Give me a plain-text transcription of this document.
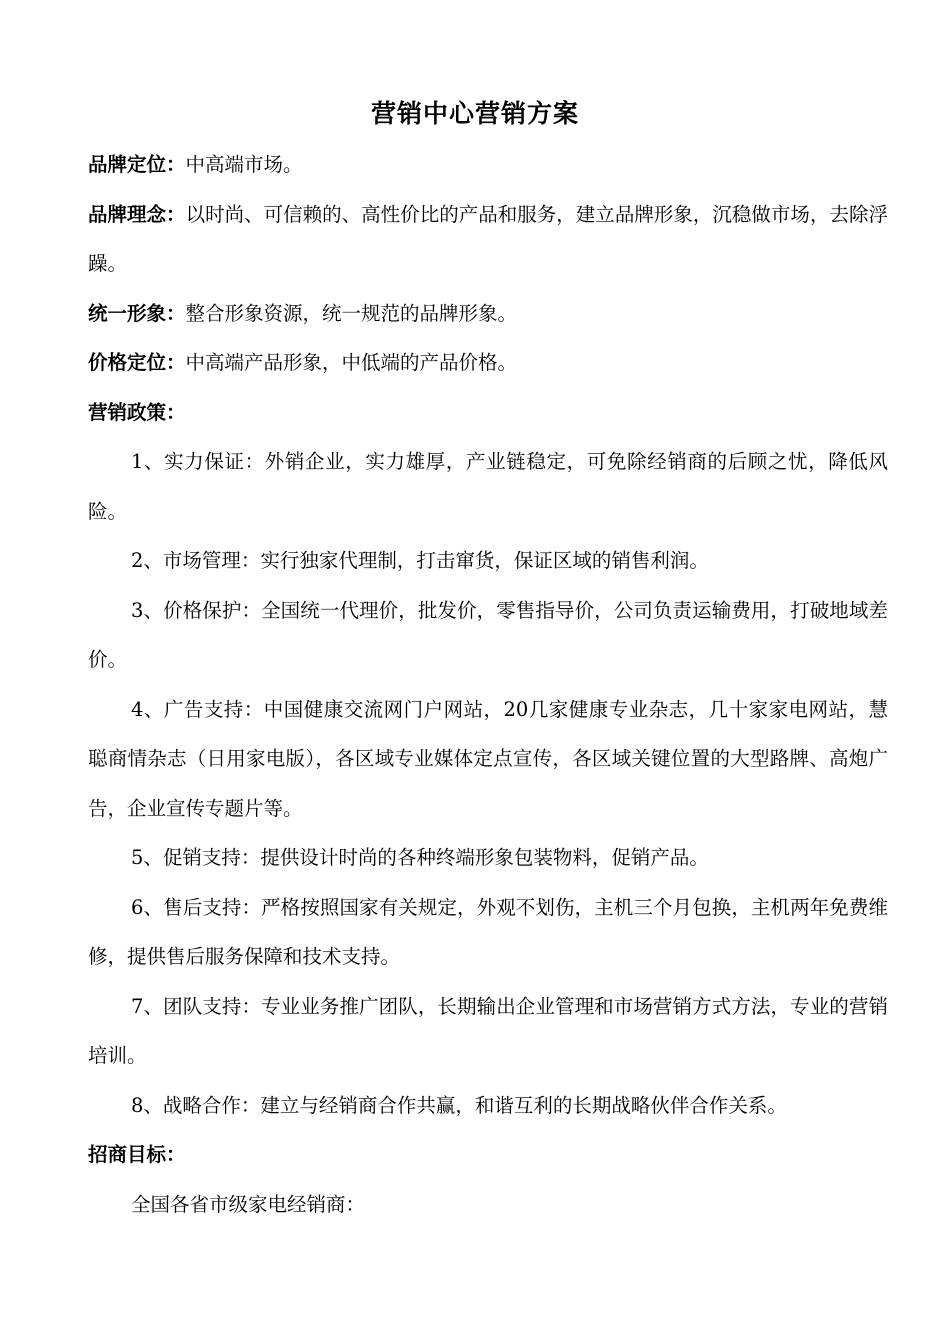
营销中心营销方案

品牌定位：中高端市场。

品牌理念：以时尚、可信赖的、高性价比的产品和服务，建立品牌形象，沉稳做市场，去除浮躁。

统一形象：整合形象资源，统一规范的品牌形象。

价格定位：中高端产品形象，中低端的产品价格。

营销政策：

1、实力保证：外销企业，实力雄厚，产业链稳定，可免除经销商的后顾之忧，降低风险。

2、市场管理：实行独家代理制，打击窜货，保证区域的销售利润。

3、价格保护：全国统一代理价，批发价，零售指导价，公司负责运输费用，打破地域差价。

4、广告支持：中国健康交流网门户网站，20几家健康专业杂志，几十家家电网站，慧聪商情杂志（日用家电版），各区域专业媒体定点宣传，各区域关键位置的大型路牌、高炮广告，企业宣传专题片等。

5、促销支持：提供设计时尚的各种终端形象包装物料，促销产品。

6、售后支持：严格按照国家有关规定，外观不划伤，主机三个月包换，主机两年免费维修，提供售后服务保障和技术支持。

7、团队支持：专业业务推广团队，长期输出企业管理和市场营销方式方法，专业的营销培训。

8、战略合作：建立与经销商合作共赢，和谐互利的长期战略伙伴合作关系。

招商目标：

全国各省市级家电经销商：
